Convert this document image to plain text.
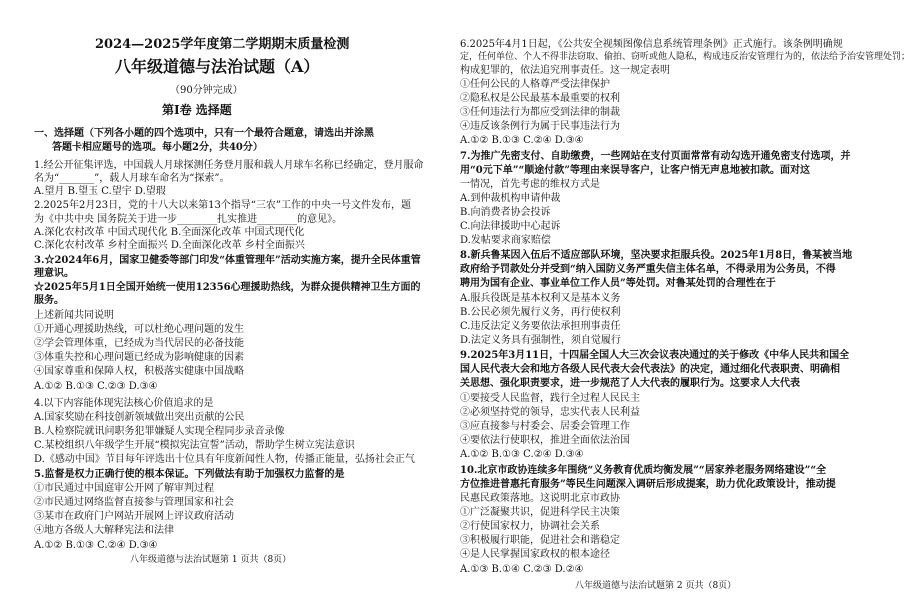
2024—2025学年度第二学期期末质量检测
八年级道德与法治试题（A）
（90分钟完成）
第Ⅰ卷 选择题
一、选择题（下列各小题的四个选项中，只有一个最符合题意，请选出并涂黑
答题卡相应题号的选项。每小题2分，共40分）
1.经公开征集评选，中国载人月球探测任务登月服和载人月球车名称已经确定，登月服命
名为“_______”，载人月球车命名为“探索”。
A.望月 B.望玉 C.望宇 D.望瑕
2.2025年2月23日，党的十八大以来第13个指导“三农”工作的中央一号文件发布，题
为《中共中央 国务院关于进一步________扎实推进________的意见》。
A.深化农村改革 中国式现代化 B.全面深化改革 中国式现代化
C.深化农村改革 乡村全面振兴 D.全面深化改革 乡村全面振兴
3.☆2024年6月，国家卫健委等部门印发“体重管理年”活动实施方案，提升全民体重管
理意识。
☆2025年5月1日全国开始统一使用12356心理援助热线，为群众提供精神卫生方面的
服务。
上述新闻共同说明
①开通心理援助热线，可以杜绝心理问题的发生
②学会管理体重，已经成为当代居民的必备技能
③体重失控和心理问题已经成为影响健康的因素
④国家尊重和保障人权，积极落实健康中国战略
A.①② B.①③ C.②③ D.③④
4.以下内容能体现宪法核心价值追求的是
A.国家奖励在科技创新领域做出突出贡献的公民
B.人检察院就讯问职务犯罪嫌疑人实现全程同步录音录像
C.某校组织八年级学生开展“模拟宪法宣誓”活动，帮助学生树立宪法意识
D.《感动中国》节目每年评选出十位具有年度新闻性人物，传播正能量，弘扬社会正气
5.监督是权力正确行使的根本保证。下列做法有助于加强权力监督的是
①市民通过中国庭审公开网了解审判过程
②市民通过网络监督直接参与管理国家和社会
③某市在政府门户网站开展网上评议政府活动
④地方各级人大解释宪法和法律
A.①② B.①③ C.②④ D.③④
八年级道德与法治试题第 1 页共（8页）
6.2025年4月1日起，《公共安全视频图像信息系统管理条例》正式施行。该条例明确规
定，任何单位、个人不得非法窃取、偷拍、窃听或他人隐私，构成违反治安管理行为的，依法给予治安管理处罚；
构成犯罪的，依法追究刑事责任。这一规定表明
①任何公民的人格尊严受法律保护
②隐私权是公民最基本最重要的权利
③任何违法行为都应受到法律的制裁
④违反该条例行为属于民事违法行为
A.①② B.①③ C.②④ D.③④
7.为推广先密支付、自助缴费，一些网站在支付页面常常有动勾选开通免密支付选项，并
用“0元下单”“顺途付款”等理由来误导客户，让客户悄无声息地被扣款。面对这
一情况，首先考虑的维权方式是
A.到仲裁机构申请仲裁
B.向消费者协会投诉
C.向法律援助中心起诉
D.发帖要求商家赔偿
8.新兵鲁某因入伍后不适应部队环境，坚决要求拒服兵役。2025年1月8日，鲁某被当地
政府给予罚款处分并受到“纳入国防义务严重失信主体名单，不得录用为公务员，不得
聘用为国有企业、事业单位工作人员”等处罚。对鲁某处罚的合理性在于
A.服兵役既是基本权利又是基本义务
B.公民必须先履行义务，再行使权利
C.违反法定义务要依法承担刑事责任
D.法定义务具有强制性，须自觉履行
9.2025年3月11日，十四届全国人大三次会议表决通过的关于修改《中华人民共和国全
国人民代表大会和地方各级人民代表大会代表法》的决定，通过细化代表职责、明确相
关思想、强化职责要求，进一步规范了人大代表的履职行为。这要求人大代表
①要接受人民监督，践行全过程人民民主
②必须坚持党的领导，忠实代表人民利益
③应直接参与村委会、居委会管理工作
④要依法行使职权，推进全面依法治国
A.①② B.①③ C.②④ D.③④
10.北京市政协连续多年围绕“义务教育优质均衡发展”“居家养老服务网络建设”“全
方位推进普惠托育服务”等民生问题深入调研后形成提案，助力优化政策设计，推动提
民惠民政策落地。这说明北京市政协
①广泛凝聚共识，促进科学民主决策
②行使国家权力，协调社会关系
③积极履行职能，促进社会和谐稳定
④是人民掌握国家政权的根本途径
A.①③ B.①④ C.②③ D.②④
八年级道德与法治试题第 2 页共（8页）
